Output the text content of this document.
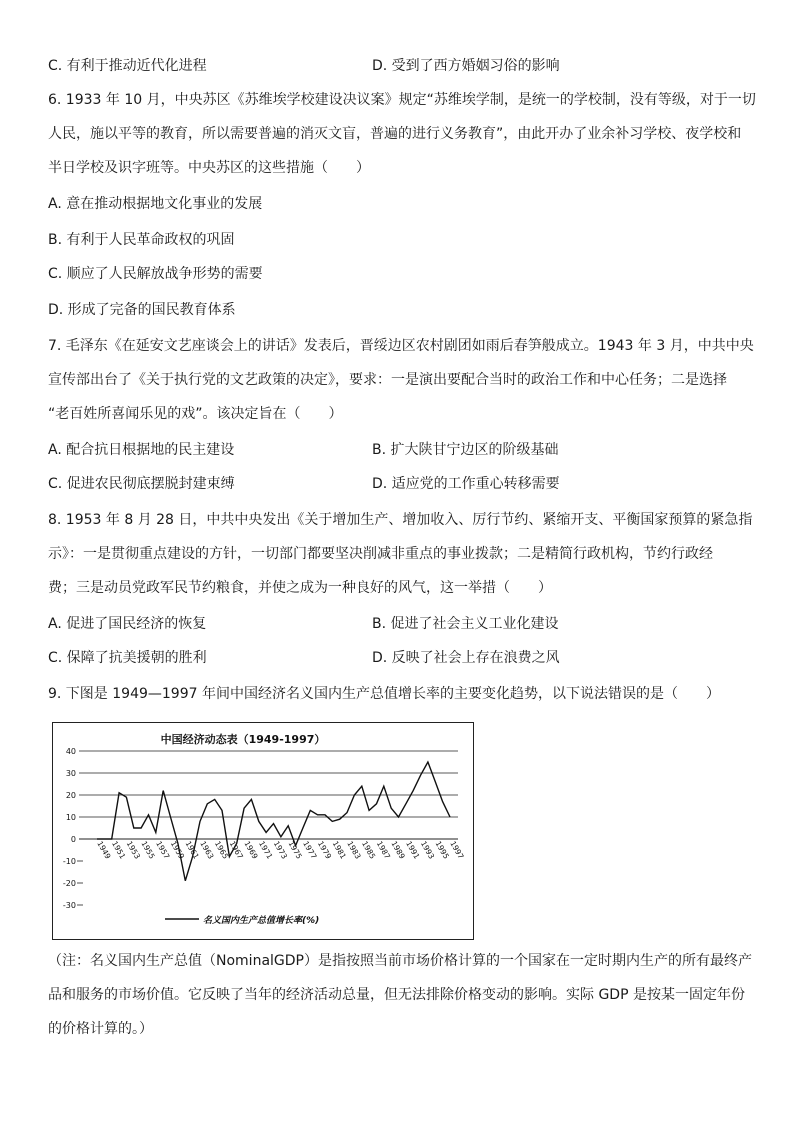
C. 有利于推动近代化进程	D. 受到了西方婚姻习俗的影响
6. 1933 年 10 月，中央苏区《苏维埃学校建设决议案》规定“苏维埃学制，是统一的学校制，没有等级，对于一切
人民，施以平等的教育，所以需要普遍的消灭文盲，普遍的进行义务教育”，由此开办了业余补习学校、夜学校和
半日学校及识字班等。中央苏区的这些措施（　　）
A. 意在推动根据地文化事业的发展
B. 有利于人民革命政权的巩固
C. 顺应了人民解放战争形势的需要
D. 形成了完备的国民教育体系
7. 毛泽东《在延安文艺座谈会上的讲话》发表后，晋绥边区农村剧团如雨后春笋般成立。1943 年 3 月，中共中央
宣传部出台了《关于执行党的文艺政策的决定》，要求：一是演出要配合当时的政治工作和中心任务；二是选择
“老百姓所喜闻乐见的戏”。该决定旨在（　　）
A. 配合抗日根据地的民主建设	B. 扩大陕甘宁边区的阶级基础
C. 促进农民彻底摆脱封建束缚	D. 适应党的工作重心转移需要
8. 1953 年 8 月 28 日，中共中央发出《关于增加生产、增加收入、厉行节约、紧缩开支、平衡国家预算的紧急指
示》：一是贯彻重点建设的方针，一切部门都要坚决削减非重点的事业拨款；二是精简行政机构，节约行政经
费；三是动员党政军民节约粮食，并使之成为一种良好的风气，这一举措（　　）
A. 促进了国民经济的恢复	B. 促进了社会主义工业化建设
C. 保障了抗美援朝的胜利	D. 反映了社会上存在浪费之风
9. 下图是 1949—1997 年间中国经济名义国内生产总值增长率的主要变化趋势，以下说法错误的是（　　）
中国经济动态表（1949-1997）
40
30
20
10
0
-10
-20
-30
1949
1951
1953
1955
1957
1959
1961
1963
1965
1967
1969
1971
1973
1975
1977
1979
1981
1983
1985
1987
1989
1991
1993
1995
1997
名义国内生产总值增长率(%)
（注：名义国内生产总值（NominalGDP）是指按照当前市场价格计算的一个国家在一定时期内生产的所有最终产
品和服务的市场价值。它反映了当年的经济活动总量，但无法排除价格变动的影响。实际 GDP 是按某一固定年份
的价格计算的。）
